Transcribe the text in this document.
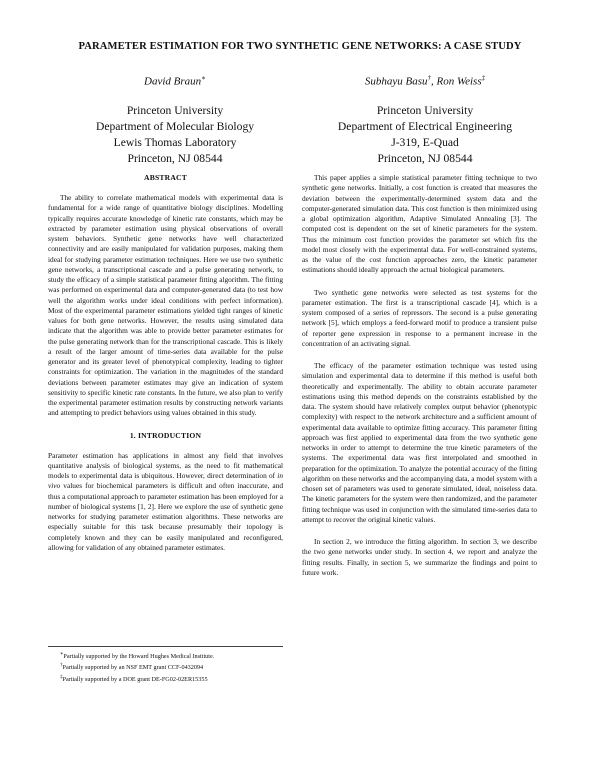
PARAMETER ESTIMATION FOR TWO SYNTHETIC GENE NETWORKS: A CASE STUDY
David Braun∗
Princeton University
Department of Molecular Biology
Lewis Thomas Laboratory
Princeton, NJ 08544
Subhayu Basu†, Ron Weiss‡
Princeton University
Department of Electrical Engineering
J-319, E-Quad
Princeton, NJ 08544
ABSTRACT

The ability to correlate mathematical models with experimental data is fundamental for a wide range of quantitative biology disciplines. Modelling typically requires accurate knowledge of kinetic rate constants, which may be extracted by parameter estimation using physical observations of overall system behaviors. Synthetic gene networks have well characterized connectivity and are easily manipulated for validation purposes, making them ideal for studying parameter estimation techniques. Here we use two synthetic gene networks, a transcriptional cascade and a pulse generating network, to study the efficacy of a simple statistical parameter fitting algorithm. The fitting was performed on experimental data and computer-generated data (to test how well the algorithm works under ideal conditions with perfect information). Most of the experimental parameter estimations yielded tight ranges of kinetic values for both gene networks. However, the results using simulated data indicate that the algorithm was able to provide better parameter estimates for the pulse generating network than for the transcriptional cascade. This is likely a result of the larger amount of time-series data available for the pulse generator and its greater level of phenotypical complexity, leading to tighter constraints for optimization. The variation in the magnitudes of the standard deviations between parameter estimates may give an indication of system sensitivity to specific kinetic rate constants. In the future, we also plan to verify the experimental parameter estimation results by constructing network variants and attempting to predict behaviors using values obtained in this study.

1. INTRODUCTION

Parameter estimation has applications in almost any field that involves quantitative analysis of biological systems, as the need to fit mathematical models to experimental data is ubiquitous. However, direct determination of in vivo values for biochemical parameters is difficult and often inaccurate, and thus a computational approach to parameter estimation has been employed for a number of biological systems [1, 2]. Here we explore the use of synthetic gene networks for studying parameter estimation algorithms. These networks are especially suitable for this task because presumably their topology is completely known and they can be easily manipulated and reconfigured, allowing for validation of any obtained parameter estimates.

∗Partially supported by the Howard Hughes Medical Institute.
†Partially supported by an NSF EMT grant CCF-0432094
‡Partially supported by a DOE grant DE-FG02-02ER15355

This paper applies a simple statistical parameter fitting technique to two synthetic gene networks. Initially, a cost function is created that measures the deviation between the experimentally-determined system data and the computer-generated simulation data. This cost function is then minimized using a global optimization algorithm, Adaptive Simulated Annealing [3]. The computed cost is dependent on the set of kinetic parameters for the system. Thus the minimum cost function provides the parameter set which fits the model most closely with the experimental data. For well-constrained systems, as the value of the cost function approaches zero, the kinetic parameter estimations should ideally approach the actual biological parameters.

Two synthetic gene networks were selected as test systems for the parameter estimation. The first is a transcriptional cascade [4], which is a system composed of a series of repressors. The second is a pulse generating network [5], which employs a feed-forward motif to produce a transient pulse of reporter gene expression in response to a permanent increase in the concentration of an activating signal.

The efficacy of the parameter estimation technique was tested using simulation and experimental data to determine if this method is useful both theoretically and experimentally. The ability to obtain accurate parameter estimations using this method depends on the constraints established by the data. The system should have relatively complex output behavior (phenotypic complexity) with respect to the network architecture and a sufficient amount of experimental data available to optimize fitting accuracy. This parameter fitting approach was first applied to experimental data from the two synthetic gene networks in order to attempt to determine the true kinetic parameters of the systems. The experimental data was first interpolated and smoothed in preparation for the optimization. To analyze the potential accuracy of the fitting algorithm on these networks and the accompanying data, a model system with a chosen set of parameters was used to generate simulated, ideal, noiseless data. The kinetic parameters for the system were then randomized, and the parameter fitting technique was used in conjunction with the simulated time-series data to attempt to recover the original kinetic values.

In section 2, we introduce the fitting algorithm. In section 3, we describe the two gene networks under study. In section 4, we report and analyze the fitting results. Finally, in section 5, we summarize the findings and point to future work.
